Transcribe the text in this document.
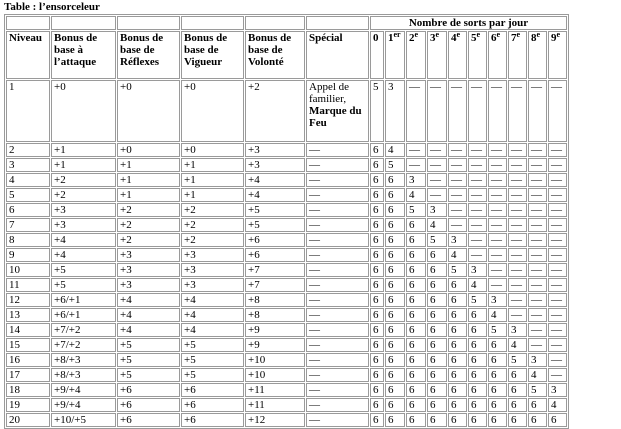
Table : l’ensorceleur
						Nombre de sorts par jour									
Niveau	Bonus de base à l’attaque	Bonus de base de Réflexes	Bonus de base de Vigueur	Bonus de base de Volonté	Spécial	0	1er	2e	3e	4e	5e	6e	7e	8e	9e
1	+0	+0	+0	+2	Appel de familier, Marque du Feu	5	3	—	—	—	—	—	—	—	—
2	+1	+0	+0	+3	—	6	4	—	—	—	—	—	—	—	—
3	+1	+1	+1	+3	—	6	5	—	—	—	—	—	—	—	—
4	+2	+1	+1	+4	—	6	6	3	—	—	—	—	—	—	—
5	+2	+1	+1	+4	—	6	6	4	—	—	—	—	—	—	—
6	+3	+2	+2	+5	—	6	6	5	3	—	—	—	—	—	—
7	+3	+2	+2	+5	—	6	6	6	4	—	—	—	—	—	—
8	+4	+2	+2	+6	—	6	6	6	5	3	—	—	—	—	—
9	+4	+3	+3	+6	—	6	6	6	6	4	—	—	—	—	—
10	+5	+3	+3	+7	—	6	6	6	6	5	3	—	—	—	—
11	+5	+3	+3	+7	—	6	6	6	6	6	4	—	—	—	—
12	+6/+1	+4	+4	+8	—	6	6	6	6	6	5	3	—	—	—
13	+6/+1	+4	+4	+8	—	6	6	6	6	6	6	4	—	—	—
14	+7/+2	+4	+4	+9	—	6	6	6	6	6	6	5	3	—	—
15	+7/+2	+5	+5	+9	—	6	6	6	6	6	6	6	4	—	—
16	+8/+3	+5	+5	+10	—	6	6	6	6	6	6	6	5	3	—
17	+8/+3	+5	+5	+10	—	6	6	6	6	6	6	6	6	4	—
18	+9/+4	+6	+6	+11	—	6	6	6	6	6	6	6	6	5	3
19	+9/+4	+6	+6	+11	—	6	6	6	6	6	6	6	6	6	4
20	+10/+5	+6	+6	+12	—	6	6	6	6	6	6	6	6	6	6
